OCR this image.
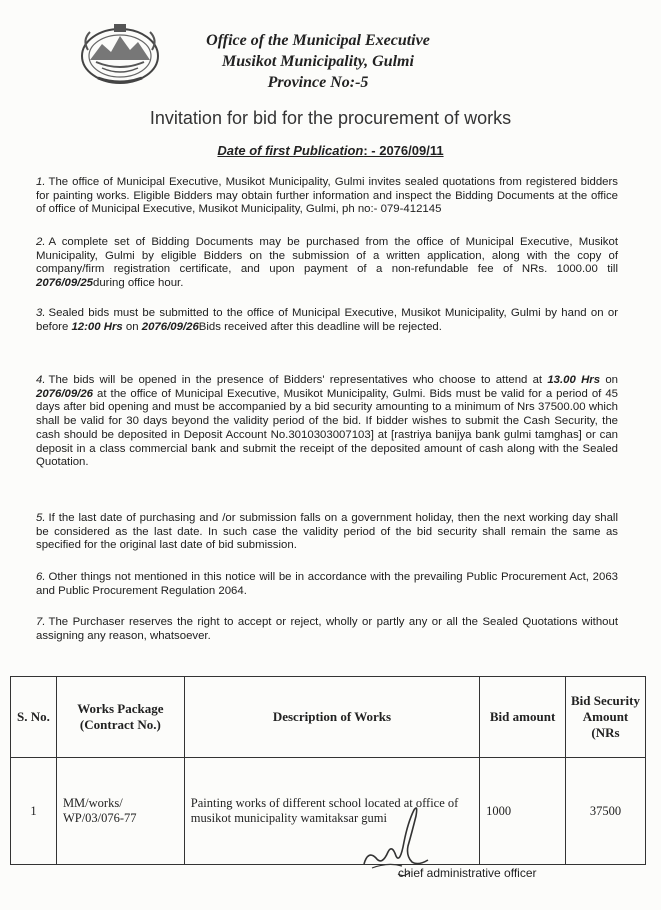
Office of the Municipal Executive
Musikot Municipality, Gulmi
Province No:-5
Invitation for bid for the procurement of works
Date of first Publication: - 2076/09/11
1. The office of Municipal Executive, Musikot Municipality, Gulmi invites sealed quotations from registered bidders for painting works. Eligible Bidders may obtain further information and inspect the Bidding Documents at the office of office of Municipal Executive, Musikot Municipality, Gulmi, ph no:- 079-412145
2. A complete set of Bidding Documents may be purchased from the office of Municipal Executive, Musikot Municipality, Gulmi by eligible Bidders on the submission of a written application, along with the copy of company/firm registration certificate, and upon payment of a non-refundable fee of NRs. 1000.00 till 2076/09/25during office hour.
3. Sealed bids must be submitted to the office of Municipal Executive, Musikot Municipality, Gulmi by hand on or before 12:00 Hrs on 2076/09/26Bids received after this deadline will be rejected.
4. The bids will be opened in the presence of Bidders' representatives who choose to attend at 13.00 Hrs on 2076/09/26 at the office of Municipal Executive, Musikot Municipality, Gulmi. Bids must be valid for a period of 45 days after bid opening and must be accompanied by a bid security amounting to a minimum of Nrs 37500.00 which shall be valid for 30 days beyond the validity period of the bid. If bidder wishes to submit the Cash Security, the cash should be deposited in Deposit Account No.3010303007103] at [rastriya banijya bank gulmi tamghas] or can deposit in a class commercial bank and submit the receipt of the deposited amount of cash along with the Sealed Quotation.
5. If the last date of purchasing and /or submission falls on a government holiday, then the next working day shall be considered as the last date. In such case the validity period of the bid security shall remain the same as specified for the original last date of bid submission.
6. Other things not mentioned in this notice will be in accordance with the prevailing Public Procurement Act, 2063 and Public Procurement Regulation 2064.
7. The Purchaser reserves the right to accept or reject, wholly or partly any or all the Sealed Quotations without assigning any reason, whatsoever.
S. No.	Works Package (Contract No.)	Description of Works	Bid amount	Bid Security Amount (NRs
1	MM/works/ WP/03/076-77	Painting works of different school located at office of musikot municipality wamitaksar gumi	1000	37500
chief administrative officer
